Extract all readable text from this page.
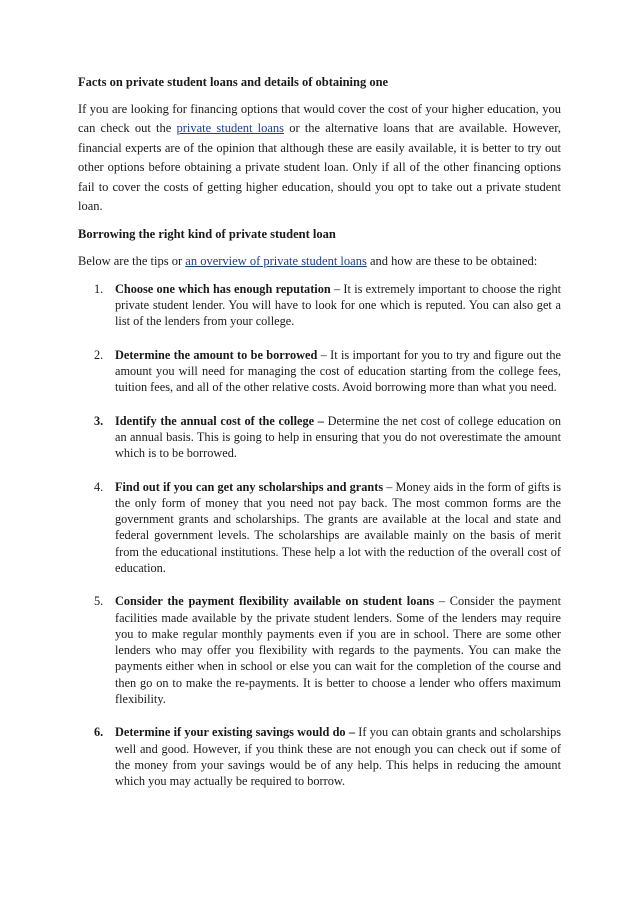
Facts on private student loans and details of obtaining one

If you are looking for financing options that would cover the cost of your higher education, you can check out the private student loans or the alternative loans that are available. However, financial experts are of the opinion that although these are easily available, it is better to try out other options before obtaining a private student loan. Only if all of the other financing options fail to cover the costs of getting higher education, should you opt to take out a private student loan.

Borrowing the right kind of private student loan

Below are the tips or an overview of private student loans and how are these to be obtained:

1. Choose one which has enough reputation – It is extremely important to choose the right private student lender. You will have to look for one which is reputed. You can also get a list of the lenders from your college.
2. Determine the amount to be borrowed – It is important for you to try and figure out the amount you will need for managing the cost of education starting from the college fees, tuition fees, and all of the other relative costs. Avoid borrowing more than what you need.
3. Identify the annual cost of the college – Determine the net cost of college education on an annual basis. This is going to help in ensuring that you do not overestimate the amount which is to be borrowed.
4. Find out if you can get any scholarships and grants – Money aids in the form of gifts is the only form of money that you need not pay back. The most common forms are the government grants and scholarships. The grants are available at the local and state and federal government levels. The scholarships are available mainly on the basis of merit from the educational institutions. These help a lot with the reduction of the overall cost of education.
5. Consider the payment flexibility available on student loans – Consider the payment facilities made available by the private student lenders. Some of the lenders may require you to make regular monthly payments even if you are in school. There are some other lenders who may offer you flexibility with regards to the payments. You can make the payments either when in school or else you can wait for the completion of the course and then go on to make the re-payments. It is better to choose a lender who offers maximum flexibility.
6. Determine if your existing savings would do – If you can obtain grants and scholarships well and good. However, if you think these are not enough you can check out if some of the money from your savings would be of any help. This helps in reducing the amount which you may actually be required to borrow.
